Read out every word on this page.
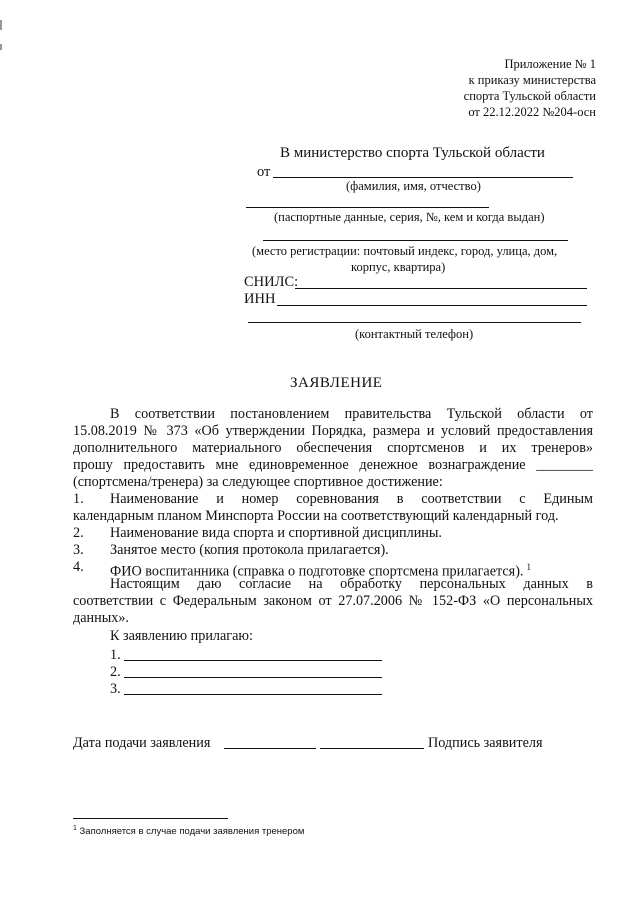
Приложение № 1
к приказу министерства
спорта Тульской области
от 22.12.2022 №204-осн
В министерство спорта Тульской области
от
(фамилия, имя, отчество)
(паспортные данные, серия, №, кем и когда выдан)
(место регистрации: почтовый индекс, город, улица, дом,
корпус, квартира)
СНИЛС:
ИНН
(контактный телефон)
ЗАЯВЛЕНИЕ
В соответствии постановлением правительства Тульской области от
15.08.2019 № 373 «Об утверждении Порядка, размера и условий предоставления
дополнительного материального обеспечения спортсменов и их тренеров»
прошу предоставить мне единовременное денежное вознаграждение ________
(спортсмена/тренера) за следующее спортивное достижение:
1. Наименование и номер соревнования в соответствии с Единым
календарным планом Минспорта России на соответствующий календарный год.
2. Наименование вида спорта и спортивной дисциплины.
3. Занятое место (копия протокола прилагается).
4. ФИО воспитанника (справка о подготовке спортсмена прилагается). $^1$
Настоящим даю согласие на обработку персональных данных в
соответствии с Федеральным законом от 27.07.2006 № 152-ФЗ «О персональных
данных».
К заявлению прилагаю:
1.
2.
3.
Дата подачи заявления	Подпись заявителя
$^1$ Заполняется в случае подачи заявления тренером
